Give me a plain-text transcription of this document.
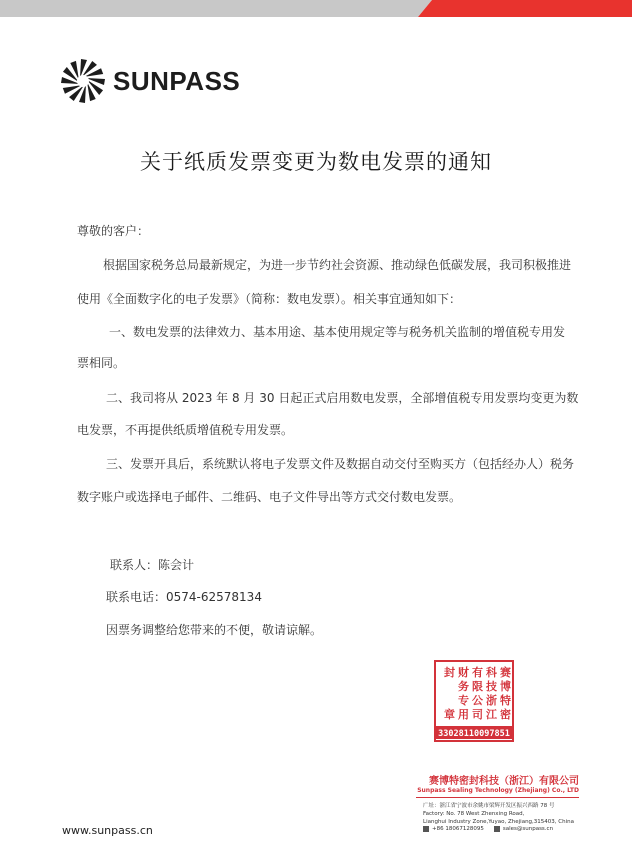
SUNPASS
关于纸质发票变更为数电发票的通知
尊敬的客户：
根据国家税务总局最新规定，为进一步节约社会资源、推动绿色低碳发展，我司积极推进
使用《全面数字化的电子发票》（简称：数电发票）。相关事宜通知如下：
一、数电发票的法律效力、基本用途、基本使用规定等与税务机关监制的增值税专用发
票相同。
二、我司将从 2023 年 8 月 30 日起正式启用数电发票，全部增值税专用发票均变更为数
电发票，不再提供纸质增值税专用发票。
三、发票开具后，系统默认将电子发票文件及数据自动交付至购买方（包括经办人）税务
数字账户或选择电子邮件、二维码、电子文件导出等方式交付数电发票。
联系人：陈会计
联系电话：0574-62578134
因票务调整给您带来的不便，敬请谅解。
赛
博
特
密
科
技
浙
江
有
限
公
司
财
务
专
用
封
章
33028110097851
赛博特密封科技（浙江）有限公司
Sunpass Sealing Technology (Zhejiang) Co., LTD
广址：浙江省宁波市余姚市梁辉开发区振兴西路 78 号
Factory: No. 78 West Zhenxing Road,
Lianghui Industry Zone,Yuyao, Zhejiang,315403, China
+86 18067128095	sales@sunpass.cn
www.sunpass.cn
